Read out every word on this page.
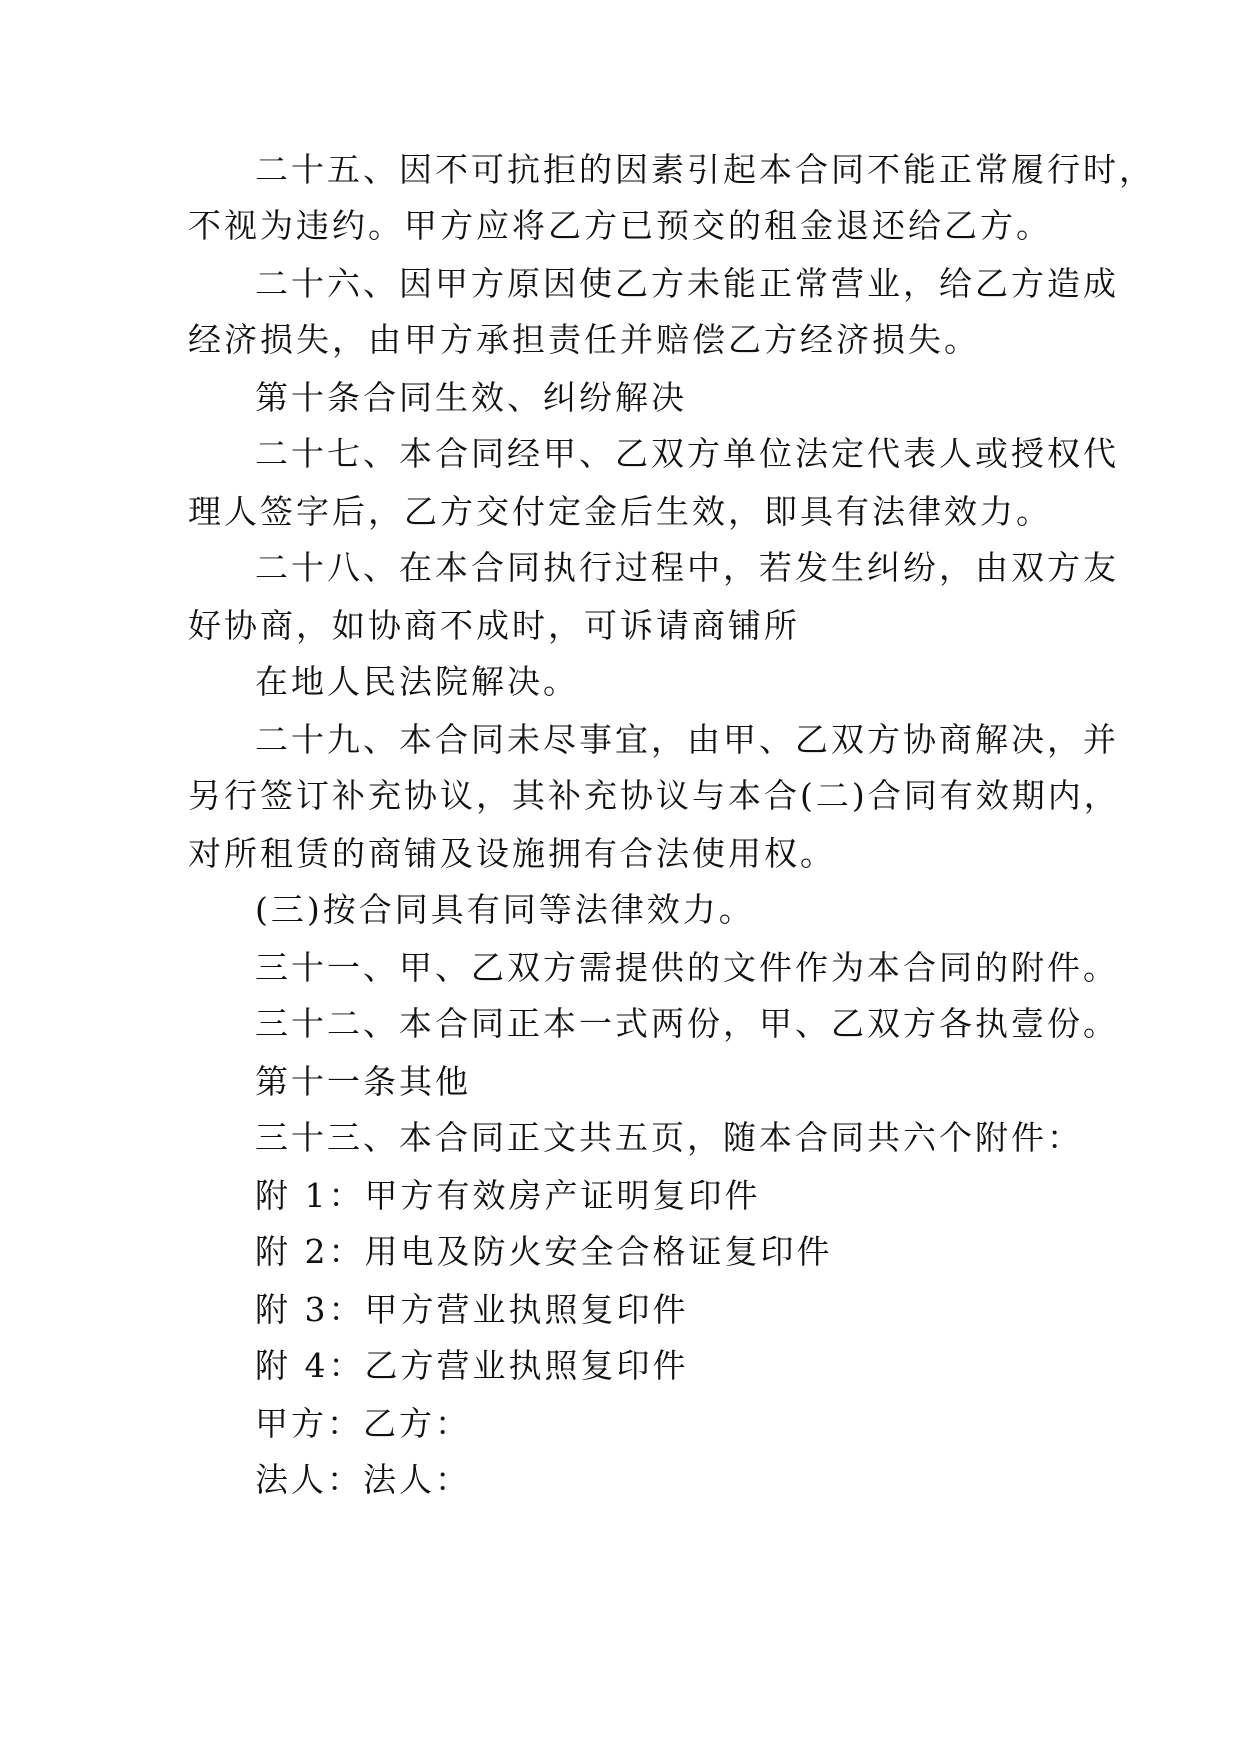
二十五、因不可抗拒的因素引起本合同不能正常履行时，
不视为违约。甲方应将乙方已预交的租金退还给乙方。
二十六、因甲方原因使乙方未能正常营业，给乙方造成
经济损失，由甲方承担责任并赔偿乙方经济损失。
第十条合同生效、纠纷解决
二十七、本合同经甲、乙双方单位法定代表人或授权代
理人签字后，乙方交付定金后生效，即具有法律效力。
二十八、在本合同执行过程中，若发生纠纷，由双方友
好协商，如协商不成时，可诉请商铺所
在地人民法院解决。
二十九、本合同未尽事宜，由甲、乙双方协商解决，并
另行签订补充协议，其补充协议与本合(二)合同有效期内，
对所租赁的商铺及设施拥有合法使用权。
(三)按合同具有同等法律效力。
三十一、甲、乙双方需提供的文件作为本合同的附件。
三十二、本合同正本一式两份，甲、乙双方各执壹份。
第十一条其他
三十三、本合同正文共五页，随本合同共六个附件：
附 1：甲方有效房产证明复印件
附 2：用电及防火安全合格证复印件
附 3：甲方营业执照复印件
附 4：乙方营业执照复印件
甲方：乙方：
法人：法人：
